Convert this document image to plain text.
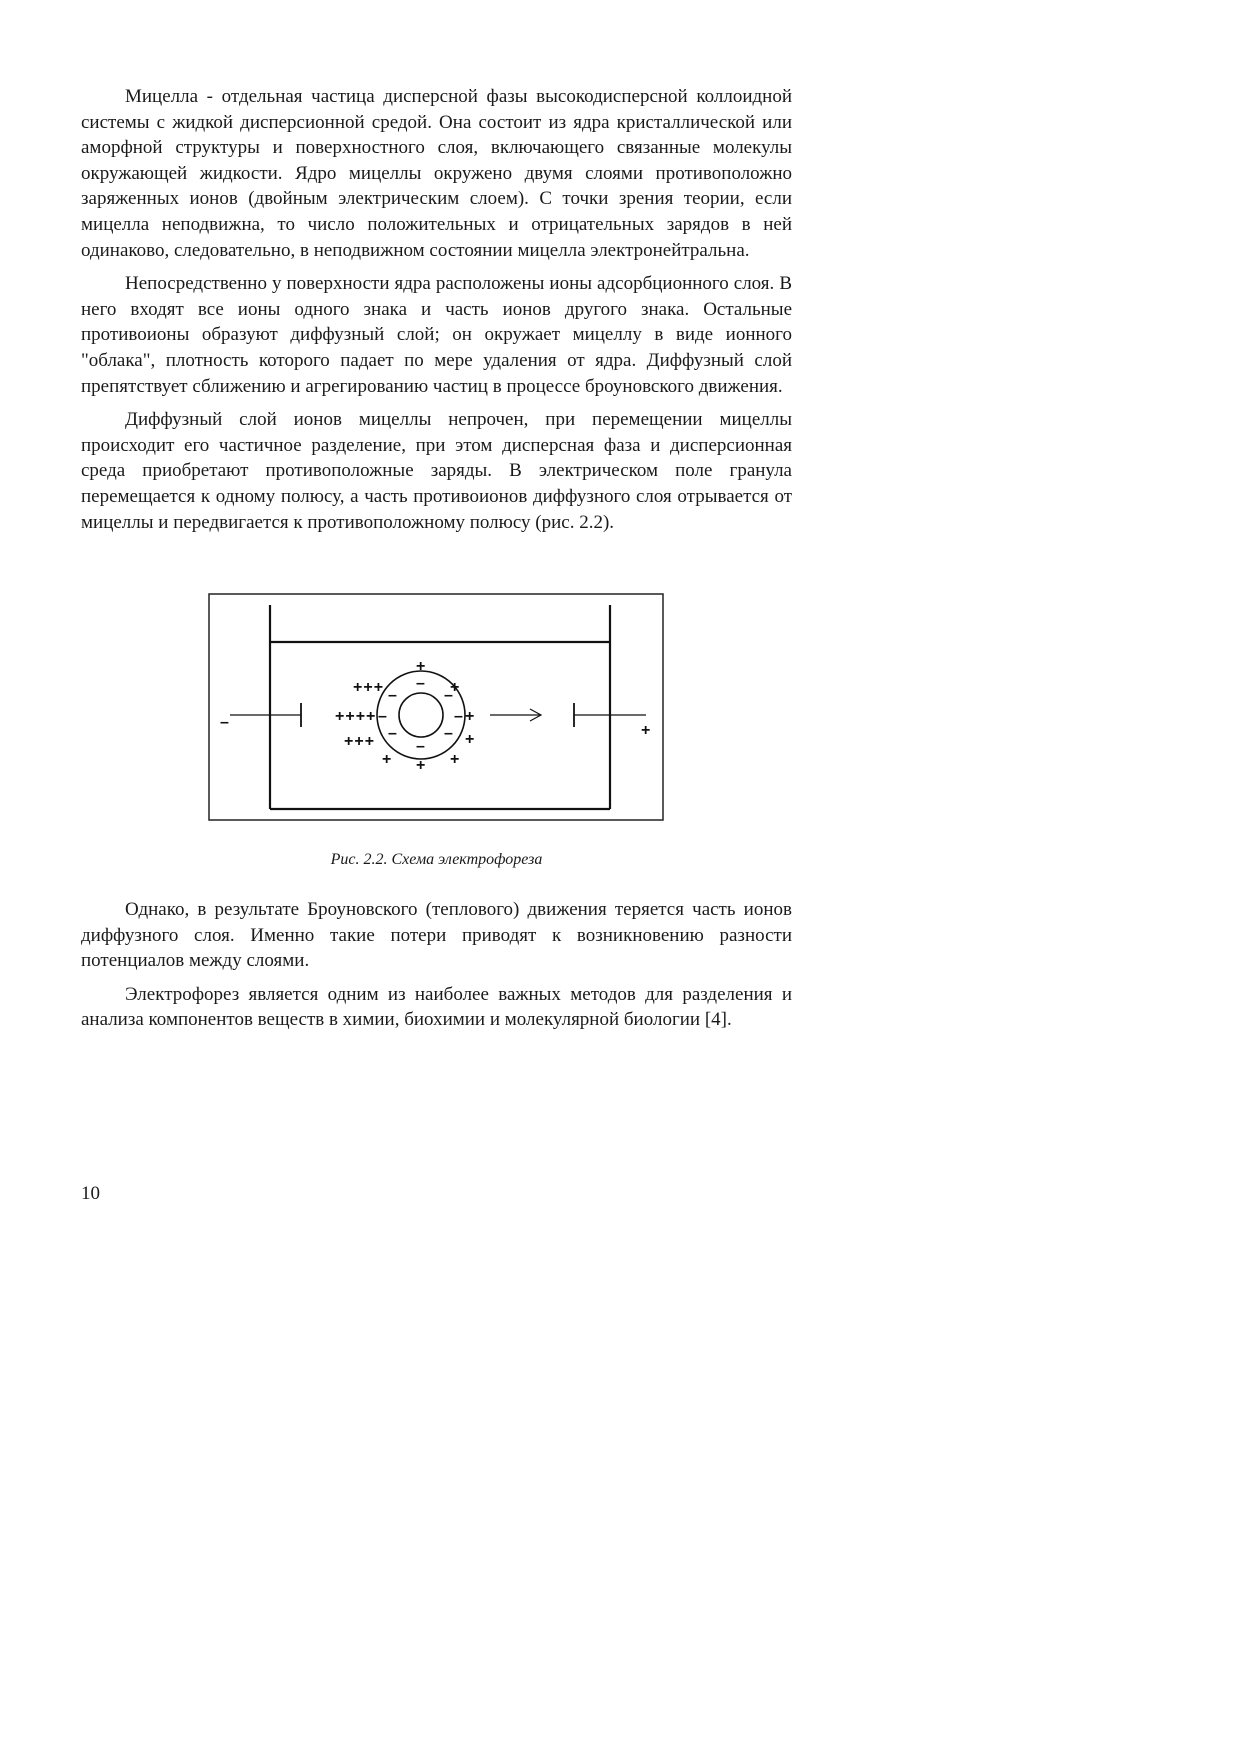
Мицелла - отдельная частица дисперсной фазы высокодисперсной коллоидной системы с жидкой дисперсионной средой. Она состоит из ядра кристаллической или аморфной структуры и поверхностного слоя, включающего связанные молекулы окружающей жидкости. Ядро мицеллы окружено двумя слоями противоположно заряженных ионов (двойным электрическим слоем). С точки зрения теории, если мицелла неподвижна, то число положительных и отрицательных зарядов в ней одинаково, следовательно, в неподвижном состоянии мицелла электронейтральна.

Непосредственно у поверхности ядра расположены ионы адсорбционного слоя. В него входят все ионы одного знака и часть ионов другого знака. Остальные противоионы образуют диффузный слой; он окружает мицеллу в виде ионного "облака", плотность которого падает по мере удаления от ядра. Диффузный слой препятствует сближению и агрегированию частиц в процессе броуновского движения.

Диффузный слой ионов мицеллы непрочен, при перемещении мицеллы происходит его частичное разделение, при этом дисперсная фаза и дисперсионная среда приобретают противоположные заряды. В электрическом поле гранула перемещается к одному полюсу, а часть противоионов диффузного слоя отрывается от мицеллы и передвигается к противоположному полюсу (рис. 2.2).

–	+
–
–
–	–
–	–
–	–
+
+
+++
++++
+++
+
+
+
+	+
Рис. 2.2. Схема электрофореза

Однако, в результате Броуновского (теплового) движения теряется часть ионов диффузного слоя. Именно такие потери приводят к возникновению разности потенциалов между слоями.

Электрофорез является одним из наиболее важных методов для разделения и анализа компонентов веществ в химии, биохимии и молекулярной биологии [4].

10
